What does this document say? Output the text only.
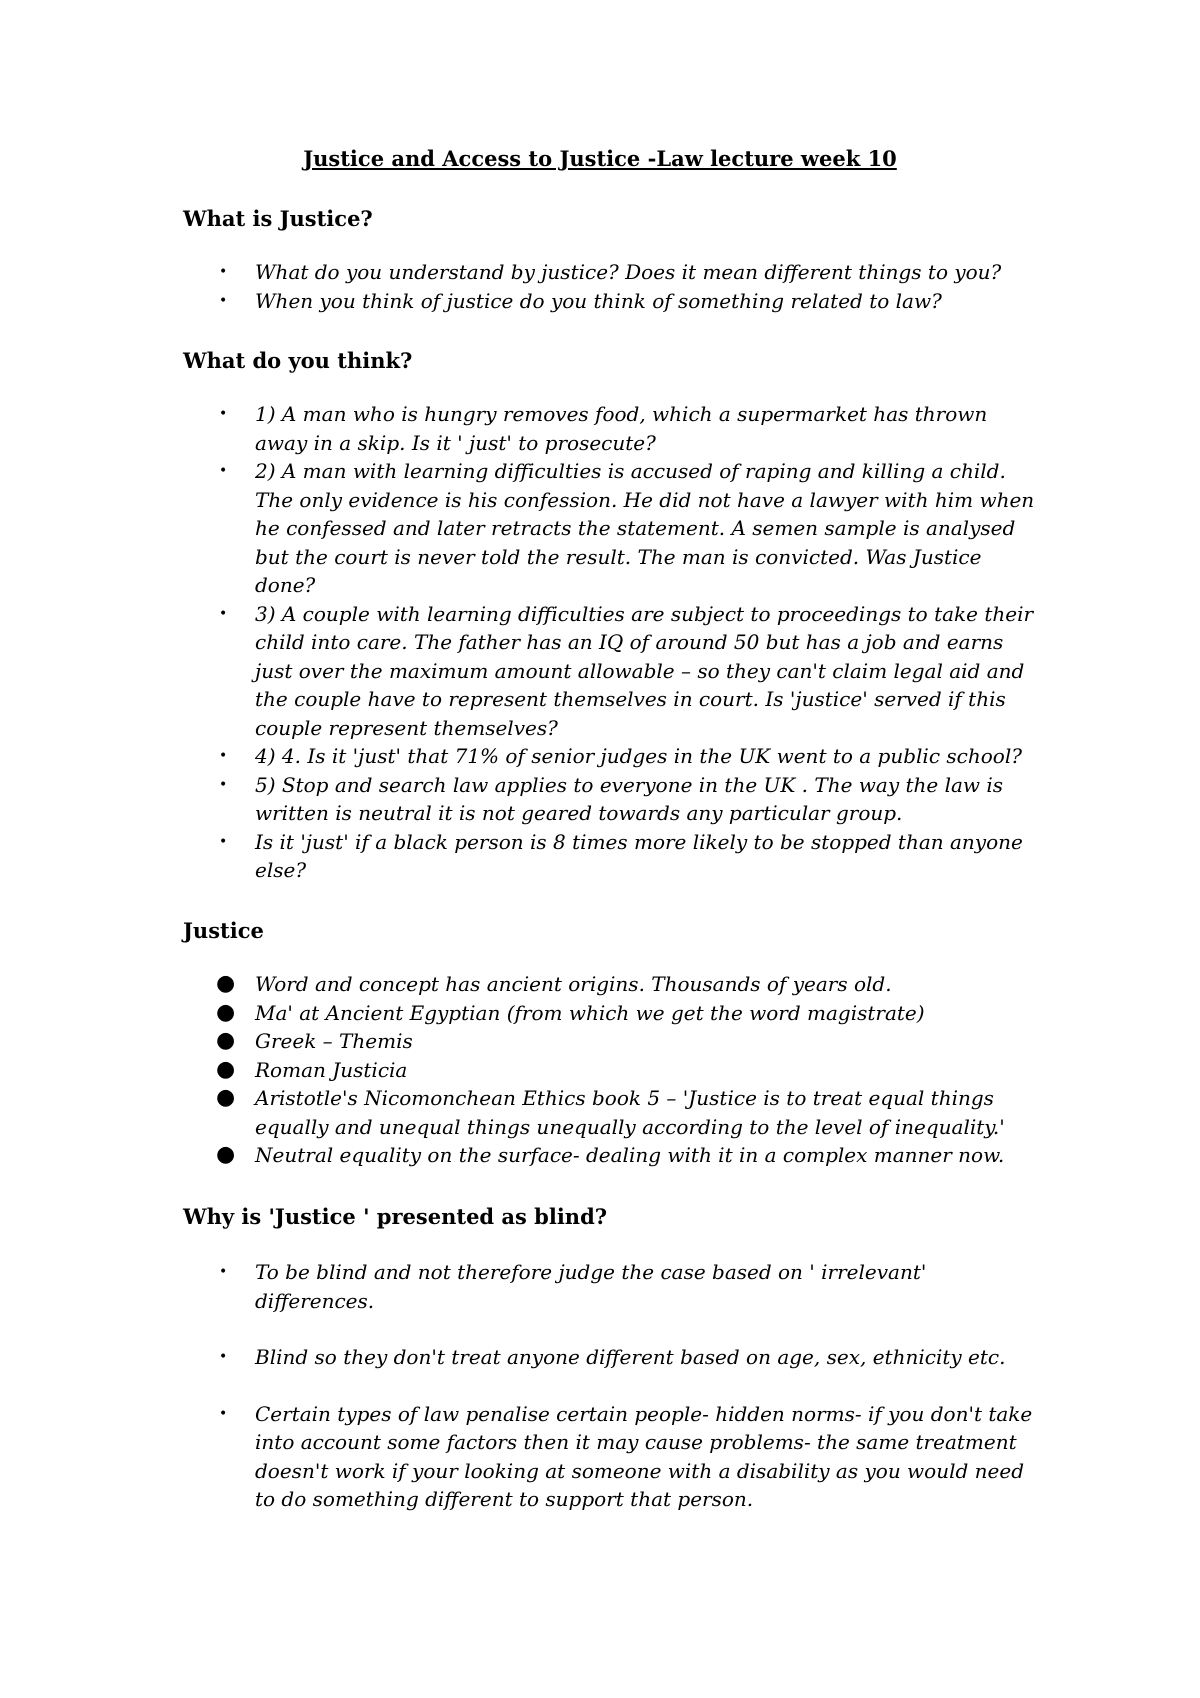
Justice and Access to Justice -Law lecture week 10
What is Justice?
• What do you understand by justice? Does it mean different things to you?
• When you think of justice do you think of something related to law?
What do you think?
• 1) A man who is hungry removes food, which a supermarket has thrown away in a skip. Is it ' just' to prosecute?
• 2) A man with learning difficulties is accused of raping and killing a child. The only evidence is his confession. He did not have a lawyer with him when he confessed and later retracts the statement. A semen sample is analysed but the court is never told the result. The man is convicted. Was Justice done?
• 3) A couple with learning difficulties are subject to proceedings to take their child into care. The father has an IQ of around 50 but has a job and earns just over the maximum amount allowable – so they can't claim legal aid and the couple have to represent themselves in court. Is 'justice' served if this couple represent themselves?
• 4) 4. Is it 'just' that 71% of senior judges in the UK went to a public school?
• 5) Stop and search law applies to everyone in the UK . The way the law is written is neutral it is not geared towards any particular group.
• Is it 'just' if a black person is 8 times more likely to be stopped than anyone else?
Justice
● Word and concept has ancient origins. Thousands of years old.
● Ma' at Ancient Egyptian (from which we get the word magistrate)
● Greek – Themis
● Roman Justicia
● Aristotle's Nicomonchean Ethics book 5 – 'Justice is to treat equal things equally and unequal things unequally according to the level of inequality.'
● Neutral equality on the surface- dealing with it in a complex manner now.
Why is 'Justice ' presented as blind?
• To be blind and not therefore judge the case based on ' irrelevant' differences.
• Blind so they don't treat anyone different based on age, sex, ethnicity etc.
• Certain types of law penalise certain people- hidden norms- if you don't take into account some factors then it may cause problems- the same treatment doesn't work if your looking at someone with a disability as you would need to do something different to support that person.
